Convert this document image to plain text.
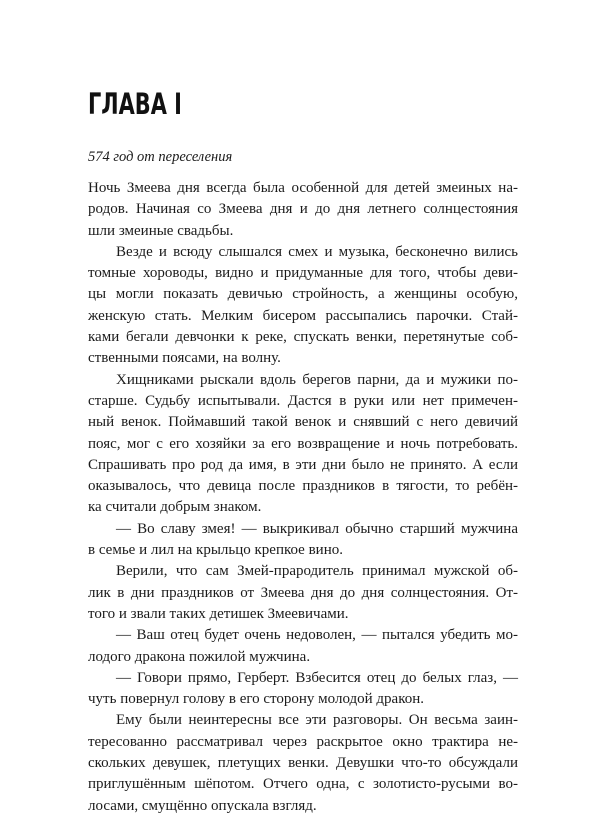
ГЛАВА I

574 год от переселения

Ночь Змеева дня всегда была особенной для детей змеиных на-
родов. Начиная со Змеева дня и до дня летнего солнцестояния
шли змеиные свадьбы.
Везде и всюду слышался смех и музыка, бесконечно вились
томные хороводы, видно и придуманные для того, чтобы деви-
цы могли показать девичью стройность, а женщины особую,
женскую стать. Мелким бисером рассыпались парочки. Стай-
ками бегали девчонки к реке, спускать венки, перетянутые соб-
ственными поясами, на волну.
Хищниками рыскали вдоль берегов парни, да и мужики по-
старше. Судьбу испытывали. Дастся в руки или нет примечен-
ный венок. Поймавший такой венок и снявший с него девичий
пояс, мог с его хозяйки за его возвращение и ночь потребовать.
Спрашивать про род да имя, в эти дни было не принято. А если
оказывалось, что девица после праздников в тягости, то ребён-
ка считали добрым знаком.
— Во славу змея! — выкрикивал обычно старший мужчина
в семье и лил на крыльцо крепкое вино.
Верили, что сам Змей-прародитель принимал мужской об-
лик в дни праздников от Змеева дня до дня солнцестояния. От-
того и звали таких детишек Змеевичами.
— Ваш отец будет очень недоволен, — пытался убедить мо-
лодого дракона пожилой мужчина.
— Говори прямо, Герберт. Взбесится отец до белых глаз, —
чуть повернул голову в его сторону молодой дракон.
Ему были неинтересны все эти разговоры. Он весьма заин-
тересованно рассматривал через раскрытое окно трактира не-
скольких девушек, плетущих венки. Девушки что-то обсуждали
приглушённым шёпотом. Отчего одна, с золотисто-русыми во-
лосами, смущённо опускала взгляд.
